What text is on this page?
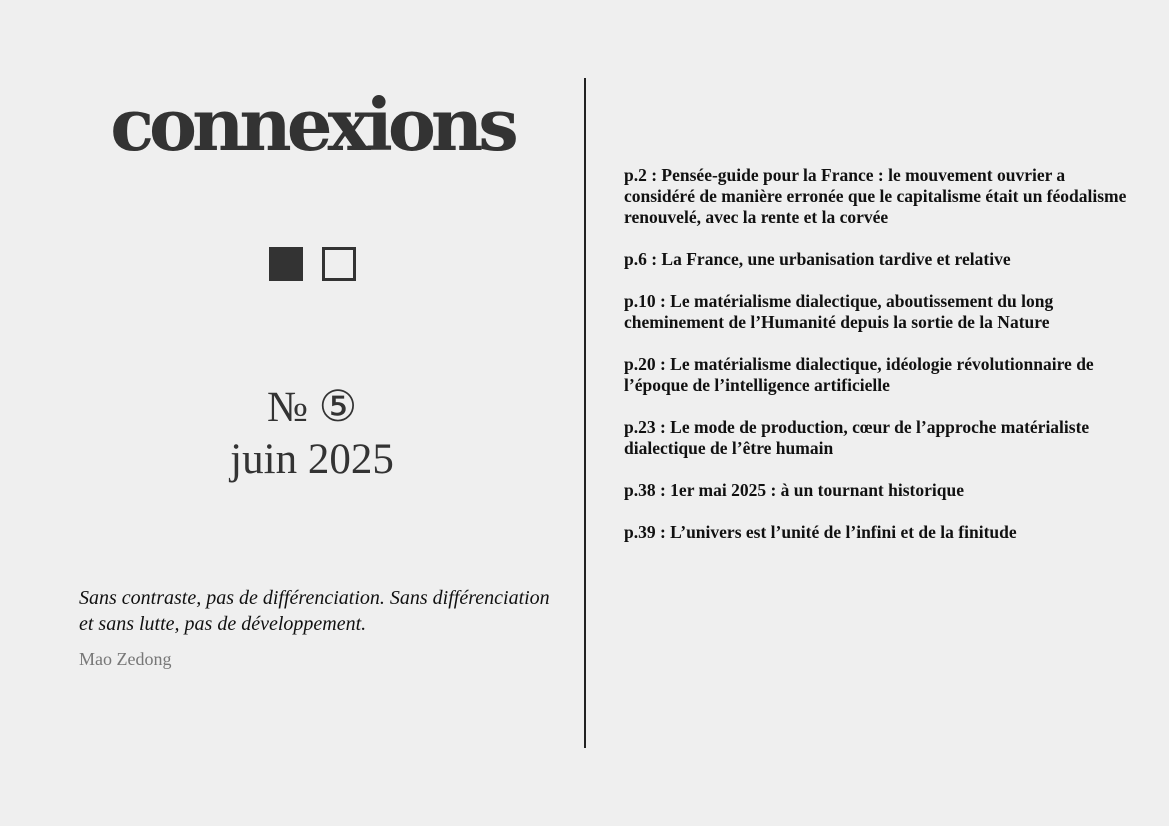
connexions
№ ⑤
juin 2025
Sans contraste, pas de différenciation. Sans différenciation et sans lutte, pas de développement.
Mao Zedong
p.2 : Pensée-guide pour la France : le mouvement ouvrier a considéré de manière erronée que le capitalisme était un féodalisme renouvelé, avec la rente et la corvée
p.6 : La France, une urbanisation tardive et relative
p.10 : Le matérialisme dialectique, aboutissement du long cheminement de l’Humanité depuis la sortie de la Nature
p.20 : Le matérialisme dialectique, idéologie révolutionnaire de l’époque de l’intelligence artificielle
p.23 : Le mode de production, cœur de l’approche matérialiste dialectique de l’être humain
p.38 : 1er mai 2025 : à un tournant historique
p.39 : L’univers est l’unité de l’infini et de la finitude
